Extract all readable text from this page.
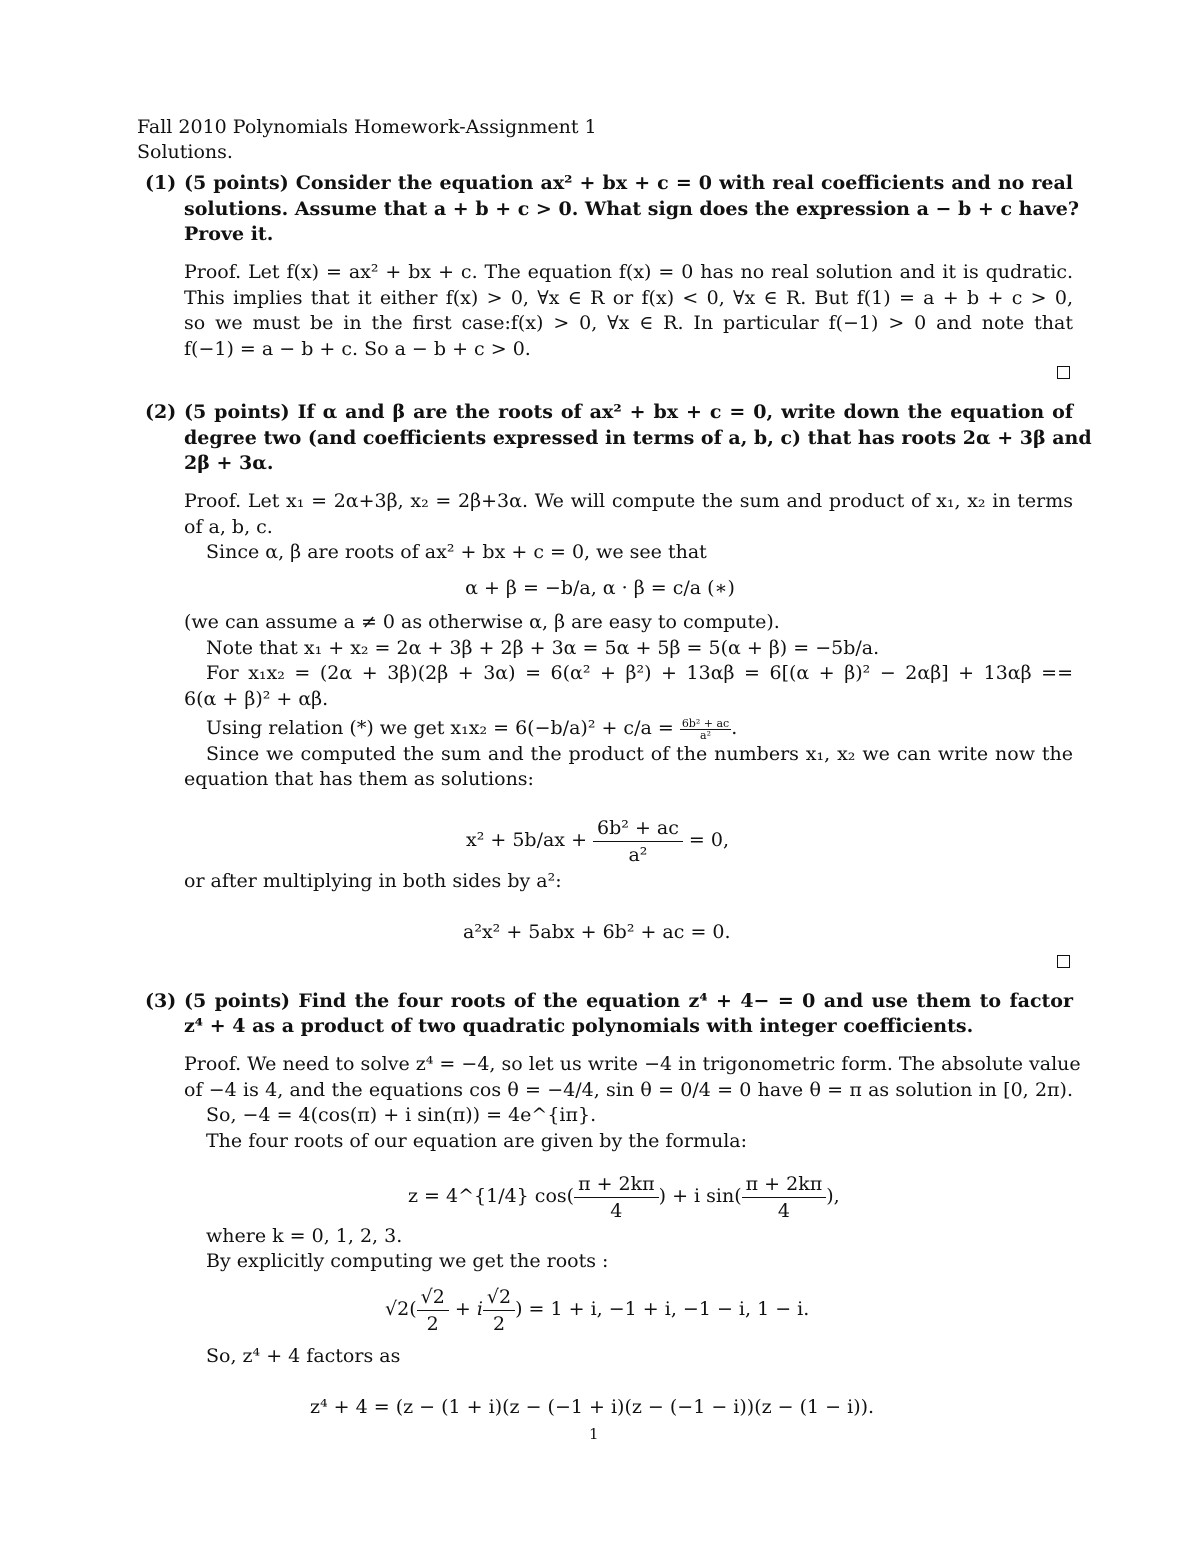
Fall 2010 Polynomials Homework-Assignment 1
Solutions.
(1) (5 points) Consider the equation ax² + bx + c = 0 with real coefficients and no real
solutions. Assume that a + b + c > 0. What sign does the expression a − b + c have?
Prove it.
Proof. Let f(x) = ax² + bx + c. The equation f(x) = 0 has no real solution and it is qudratic.
This implies that it either f(x) > 0, ∀x ∈ R or f(x) < 0, ∀x ∈ R. But f(1) = a + b + c > 0,
so we must be in the first case:f(x) > 0, ∀x ∈ R. In particular f(−1) > 0 and note that
f(−1) = a − b + c. So a − b + c > 0.
(2) (5 points) If α and β are the roots of ax² + bx + c = 0, write down the equation of
degree two (and coefficients expressed in terms of a, b, c) that has roots 2α + 3β and
2β + 3α.
Proof. Let x₁ = 2α+3β, x₂ = 2β+3α. We will compute the sum and product of x₁, x₂ in terms
of a, b, c.
Since α, β are roots of ax² + bx + c = 0, we see that
α + β = −b/a, α · β = c/a (∗)
(we can assume a ≠ 0 as otherwise α, β are easy to compute).
Note that x₁ + x₂ = 2α + 3β + 2β + 3α = 5α + 5β = 5(α + β) = −5b/a.
For x₁x₂ = (2α + 3β)(2β + 3α) = 6(α² + β²) + 13αβ = 6[(α + β)² − 2αβ] + 13αβ ==
6(α + β)² + αβ.
Using relation (*) we get $x_1x_2 = 6(-b/a)^2 + c/a = \frac{\text{6b² + ac}}{\text{a²}}$ .
Since we computed the sum and the product of the numbers x₁, x₂ we can write now the
equation that has them as solutions:
$x^2 + 5b/ax + \frac{\text{6b² + ac}}{\text{a²}} = 0$,
or after multiplying in both sides by a²:
a²x² + 5abx + 6b² + ac = 0.
(3) (5 points) Find the four roots of the equation z⁴ + 4− = 0 and use them to factor
z⁴ + 4 as a product of two quadratic polynomials with integer coefficients.
Proof. We need to solve z⁴ = −4, so let us write −4 in trigonometric form. The absolute value
of −4 is 4, and the equations cos θ = −4/4, sin θ = 0/4 = 0 have θ = π as solution in [0, 2π).
So, −4 = 4(cos(π) + i sin(π)) = 4e^{iπ}.
The four roots of our equation are given by the formula:
z = 4^{1/4} $\cos( \frac{\pi + 2k\pi}{4}$ ) + i $\sin( \frac{\pi + 2k\pi}{4}$ ),
where k = 0, 1, 2, 3.
By explicitly computing we get the roots :
$√2( \frac{√2}{2} + i \frac{√2}{2}$ ) = 1 + i, −1 + i, −1 − i, 1 − i.
So, z⁴ + 4 factors as
z⁴ + 4 = (z − (1 + i)(z − (−1 + i)(z − (−1 − i))(z − (1 − i)).
1
